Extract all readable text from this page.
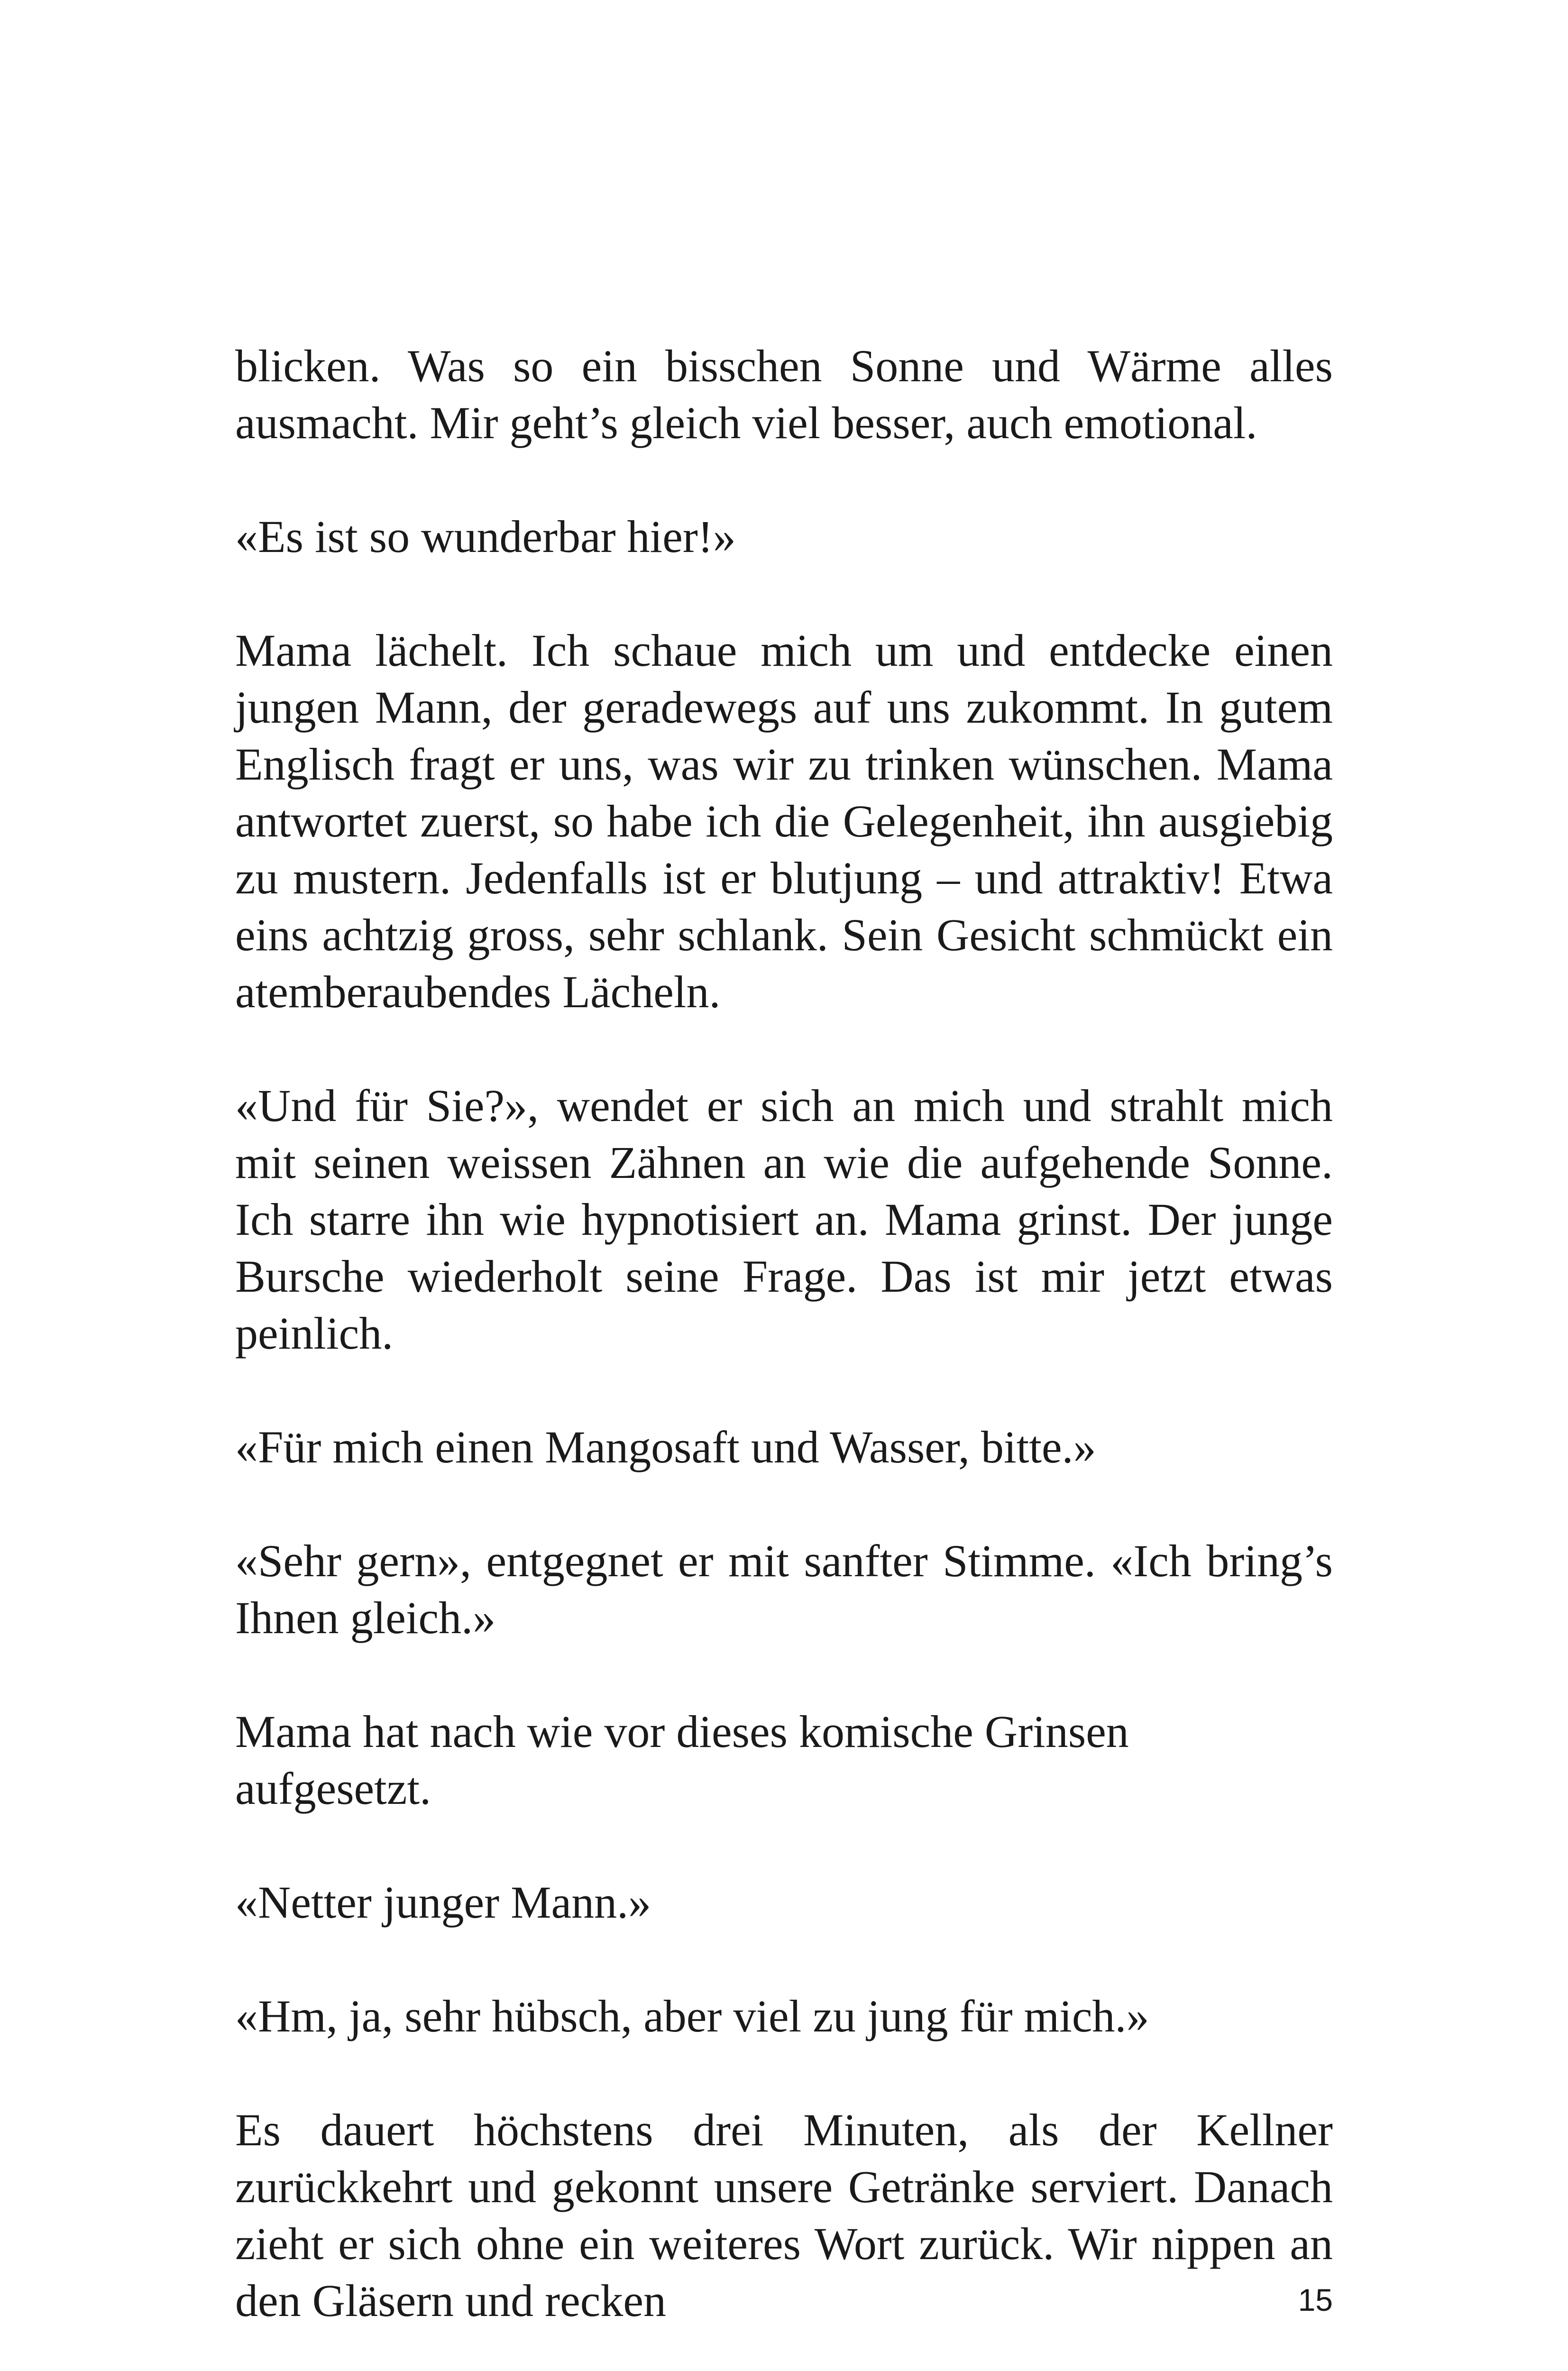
blicken. Was so ein bisschen Sonne und Wärme alles ausmacht. Mir geht’s gleich viel besser, auch emotional.

«Es ist so wunderbar hier!»

Mama lächelt. Ich schaue mich um und entdecke einen jungen Mann, der geradewegs auf uns zukommt. In gutem Englisch fragt er uns, was wir zu trinken wünschen. Mama antwortet zuerst, so habe ich die Gelegenheit, ihn ausgiebig zu mustern. Jedenfalls ist er blutjung – und attraktiv! Etwa eins achtzig gross, sehr schlank. Sein Gesicht schmückt ein atemberaubendes Lächeln.

«Und für Sie?», wendet er sich an mich und strahlt mich mit seinen weissen Zähnen an wie die aufgehende Sonne. Ich starre ihn wie hypnotisiert an. Mama grinst. Der junge Bursche wiederholt seine Frage. Das ist mir jetzt etwas peinlich.

«Für mich einen Mangosaft und Wasser, bitte.»

«Sehr gern», entgegnet er mit sanfter Stimme. «Ich bring’s Ihnen gleich.»

Mama hat nach wie vor dieses komische Grinsen aufgesetzt.

«Netter junger Mann.»

«Hm, ja, sehr hübsch, aber viel zu jung für mich.»

Es dauert höchstens drei Minuten, als der Kellner zurückkehrt und gekonnt unsere Getränke serviert. Danach zieht er sich ohne ein weiteres Wort zurück. Wir nippen an den Gläsern und recken	15
